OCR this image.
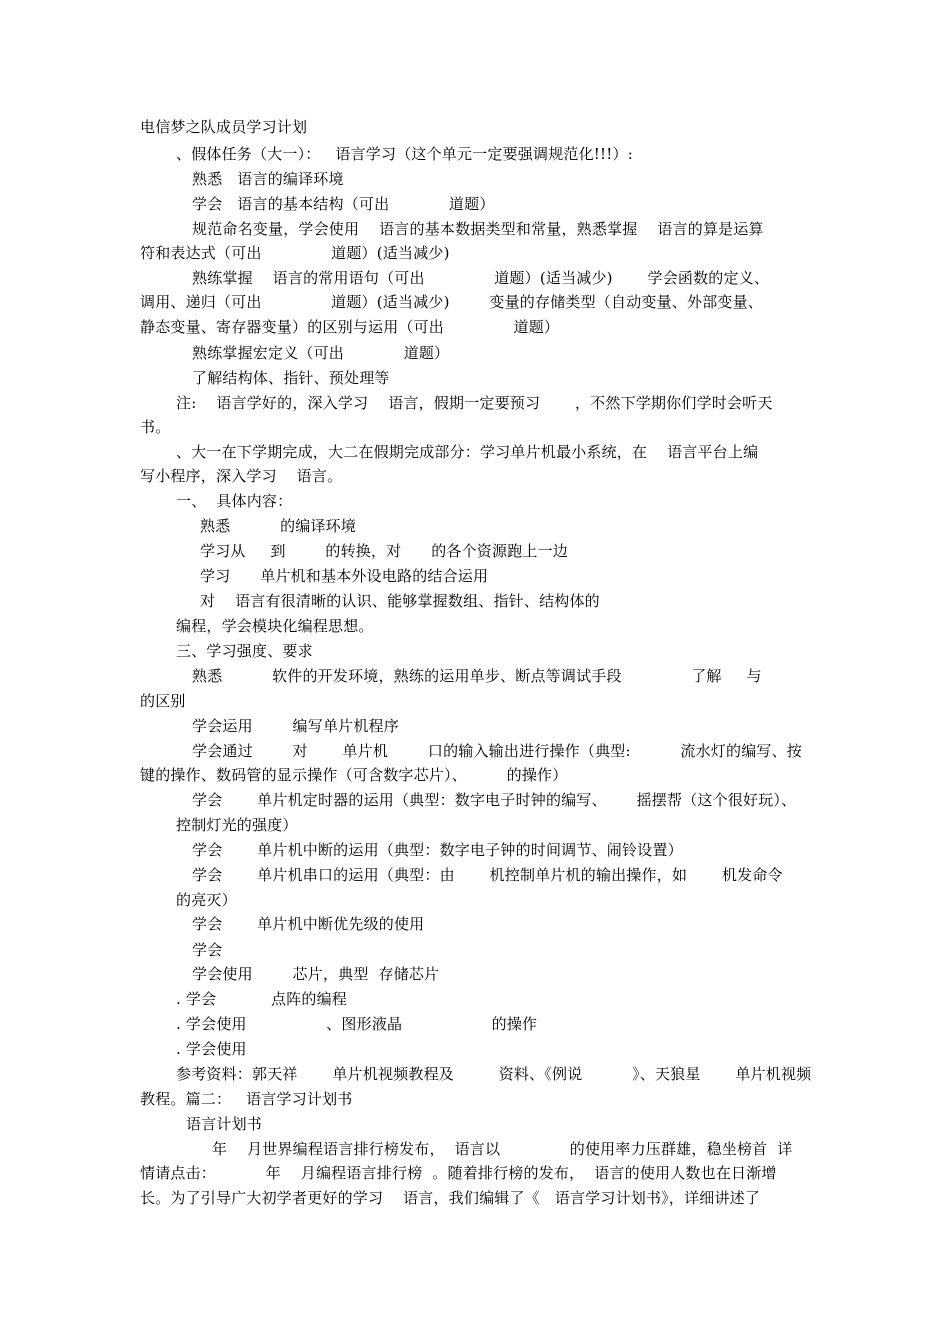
电信梦之队成员学习计划
、假体任务（大一）：   语言学习（这个单元一定要强调规范化!!!）:
熟悉   语言的编译环境
学会   语言的基本结构（可出            道题）
规范命名变量，学会使用    语言的基本数据类型和常量，熟悉掌握    语言的算是运算
符和表达式（可出              道题）(适当减少)
熟练掌握    语言的常用语句（可出              道题）(适当减少)       学会函数的定义、
调用、递归（可出              道题）(适当减少)        变量的存储类型（自动变量、外部变量、
静态变量、寄存器变量）的区别与运用（可出              道题）
熟练掌握宏定义（可出            道题）
了解结构体、指针、预处理等
注:    语言学好的，深入学习    语言，假期一定要预习       ，不然下学期你们学时会听天
书。
、大一在下学期完成，大二在假期完成部分：学习单片机最小系统，在    语言平台上编
写小程序，深入学习    语言。
一、  具体内容：
熟悉          的编译环境
学习从     到        的转换，对      的各个资源跑上一边
学习      单片机和基本外设电路的结合运用
对    语言有很清晰的认识、能够掌握数组、指针、结构体的
编程，学会模块化编程思想。
三、学习强度、要求
熟悉          软件的开发环境，熟练的运用单步、断点等调试手段              了解     与
的区别
学会运用        编写单片机程序
学会通过        对       单片机        口的输入输出进行操作（典型:          流水灯的编写、按
键的操作、数码管的显示操作（可含数字芯片）、        的操作）
学会       单片机定时器的运用（典型：数字电子时钟的编写、      摇摆帮（这个很好玩）、
控制灯光的强度）
学会       单片机中断的运用（典型：数字电子钟的时间调节、闹铃设置）
学会       单片机串口的运用（典型：由       机控制单片机的输出操作，如       机发命令
的亮灭）
学会       单片机中断优先级的使用
学会
学会使用        芯片，典型  存储芯片
. 学会           点阵的编程
. 学会使用                、图形液晶                  的操作
. 学会使用
参考资料：郭天祥       单片机视频教程及         资料、《例说          》、天狼星       单片机视频
教程。篇二：   语言学习计划书
语言计划书
年    月世界编程语言排行榜发布，  语言以              的使用率力压群雄，稳坐榜首  详
情请点击：          年    月编程语言排行榜  。随着排行榜的发布，  语言的使用人数也在日渐增
长。为了引导广大初学者更好的学习    语言，我们编辑了《   语言学习计划书》，详细讲述了
